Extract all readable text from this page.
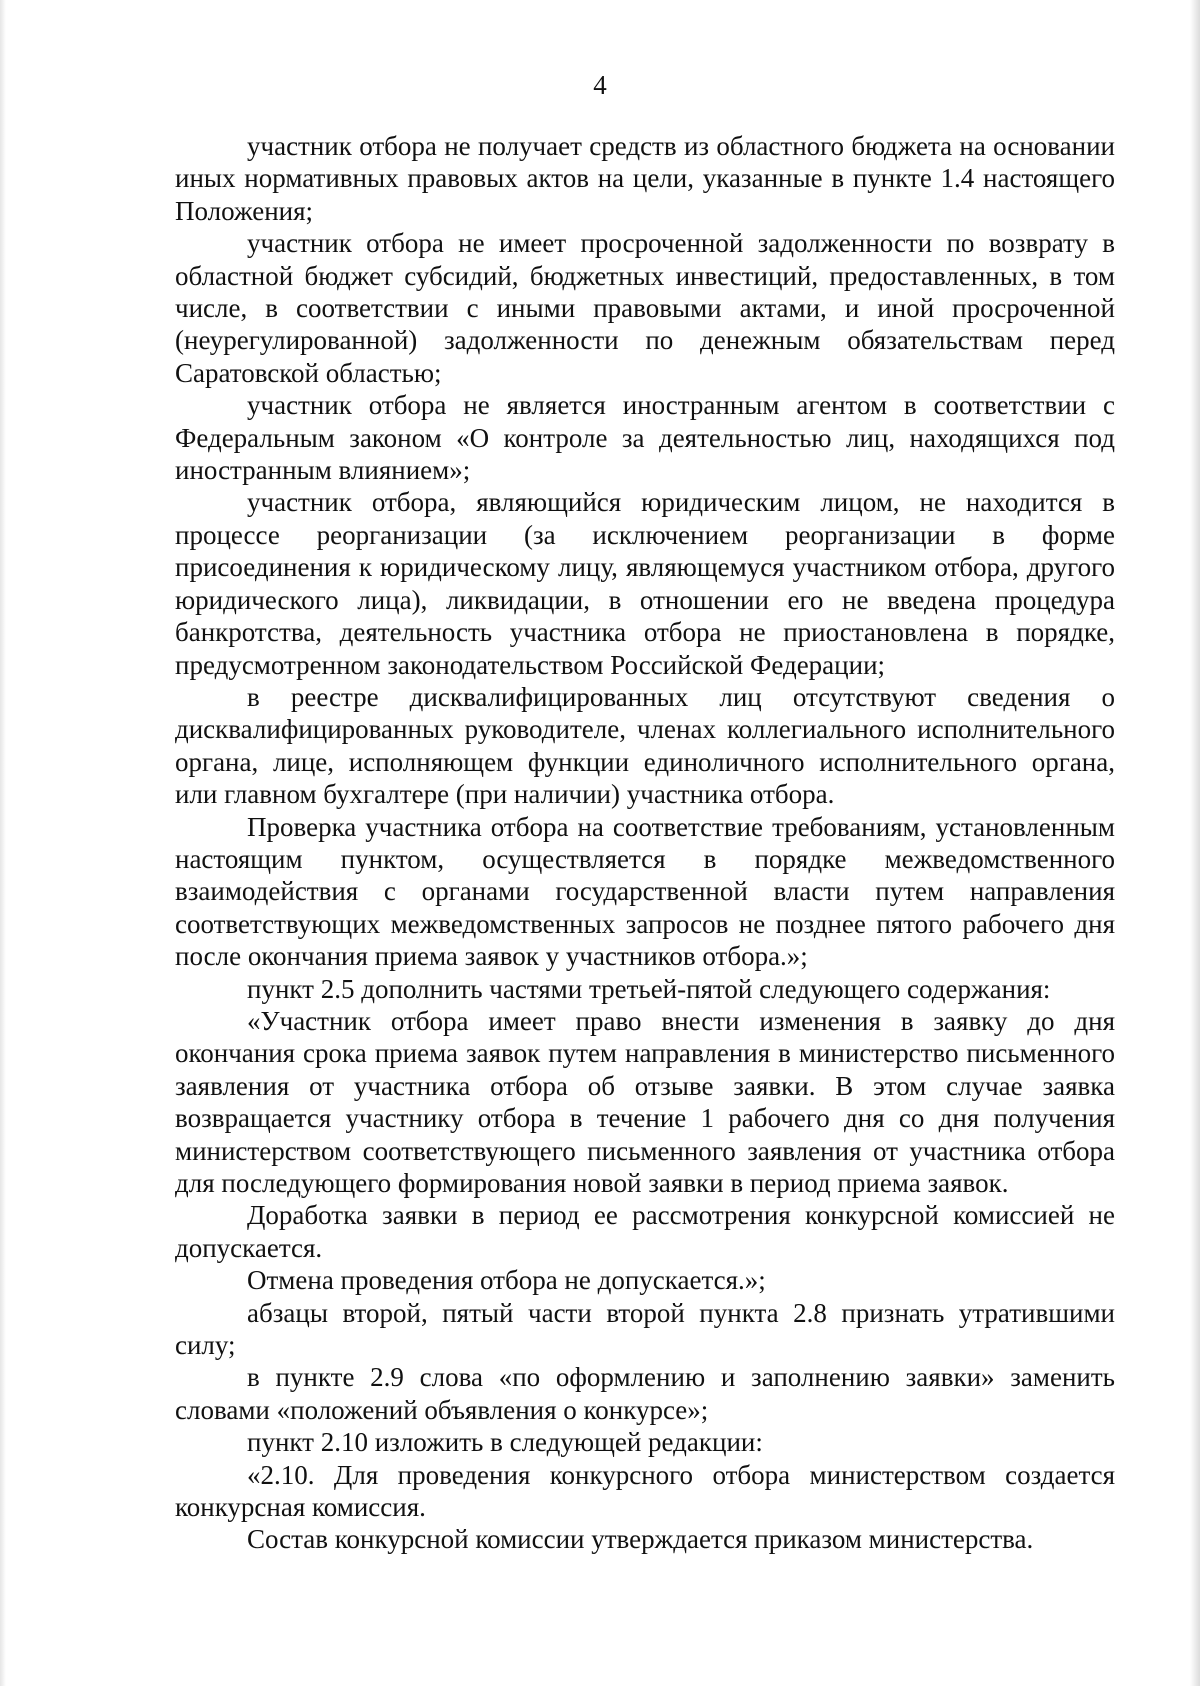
4

участник отбора не получает средств из областного бюджета на основании иных нормативных правовых актов на цели, указанные в пункте 1.4 настоящего Положения;

участник отбора не имеет просроченной задолженности по возврату в областной бюджет субсидий, бюджетных инвестиций, предоставленных, в том числе, в соответствии с иными правовыми актами, и иной просроченной (неурегулированной) задолженности по денежным обязательствам перед Саратовской областью;

участник отбора не является иностранным агентом в соответствии с Федеральным законом «О контроле за деятельностью лиц, находящихся под иностранным влиянием»;

участник отбора, являющийся юридическим лицом, не находится в процессе реорганизации (за исключением реорганизации в форме присоединения к юридическому лицу, являющемуся участником отбора, другого юридического лица), ликвидации, в отношении его не введена процедура банкротства, деятельность участника отбора не приостановлена в порядке, предусмотренном законодательством Российской Федерации;

в реестре дисквалифицированных лиц отсутствуют сведения о дисквалифицированных руководителе, членах коллегиального исполнительного органа, лице, исполняющем функции единоличного исполнительного органа, или главном бухгалтере (при наличии) участника отбора.

Проверка участника отбора на соответствие требованиям, установленным настоящим пунктом, осуществляется в порядке межведомственного взаимодействия с органами государственной власти путем направления соответствующих межведомственных запросов не позднее пятого рабочего дня после окончания приема заявок у участников отбора.»;

пункт 2.5 дополнить частями третьей-пятой следующего содержания:

«Участник отбора имеет право внести изменения в заявку до дня окончания срока приема заявок путем направления в министерство письменного заявления от участника отбора об отзыве заявки. В этом случае заявка возвращается участнику отбора в течение 1 рабочего дня со дня получения министерством соответствующего письменного заявления от участника отбора для последующего формирования новой заявки в период приема заявок.

Доработка заявки в период ее рассмотрения конкурсной комиссией не допускается.

Отмена проведения отбора не допускается.»;

абзацы второй, пятый части второй пункта 2.8 признать утратившими силу;

в пункте 2.9 слова «по оформлению и заполнению заявки» заменить словами «положений объявления о конкурсе»;

пункт 2.10 изложить в следующей редакции:

«2.10. Для проведения конкурсного отбора министерством создается конкурсная комиссия.

Состав конкурсной комиссии утверждается приказом министерства.
